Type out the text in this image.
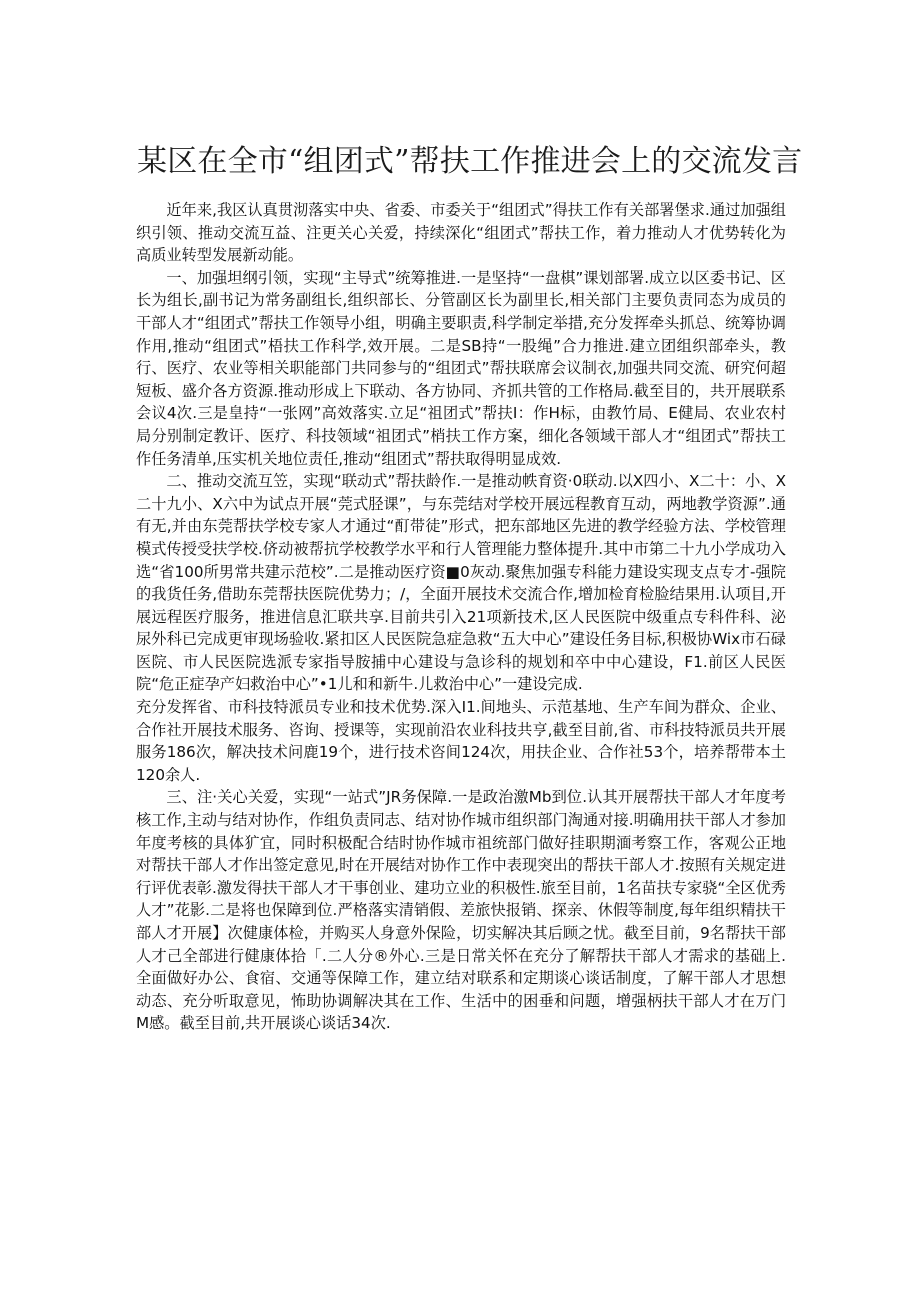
某区在全市“组团式”帮扶工作推进会上的交流发言

近年来,我区认真贯沏落实中央、省委、市委关于“组团式”得扶工作有关部署堡求.通过加强组织引领、推动交流互益、注更关心关爱，持续深化“组团式”帮扶工作，着力推动人才优势转化为高质业转型发展新动能。

一、加强坦纲引领，实现“主导式”统筹推进.一是坚持“一盘棋”课划部署.成立以区委书记、区长为组长,副书记为常务副组长,组织部长、分管副区长为副里长,相关部门主要负责同态为成员的干部人才“组团式”帮扶工作领导小组，明确主要职责,科学制定举措,充分发挥牵头抓总、统筹协调作用,推动“组团式”梧扶工作科学,效开展。二是SB持“一股绳”合力推进.建立团组织部牵头，教行、医疗、农业等相关职能部门共同参与的“组团式”帮扶联席会议制衣,加强共同交流、研究何超短板、盛介各方资源.推动形成上下联动、各方协同、齐抓共管的工作格局.截至目的，共开展联系会议4次.三是皇持“一张网”高效落实.立足“祖团式”帮扶I：作H标，由教竹局、E健局、农业农村局分别制定教讦、医疗、科技领域“祖团式”梢扶工作方案，细化各领域干部人才“组团式”帮扶工作任务清单,压实机关地位责任,推动“组团式”帮扶取得明显成效.

二、推动交流互笠，实现“联动式”帮扶龄作.一是推动帙育资·0联动.以X四小、X二十：小、X二十九小、X六中为试点开展“莞式胫课”，与东莞结对学校开展远程教育互动，两地教学资源”.通有无,并由东莞帮扶学校专家人才通过“酊带徒”形式，把东部地区先进的教学经验方法、学校管理模式传授受扶学校.侪动被帮抗学校教学水平和行人管理能力整体提升.其中市第二十九小学成功入选“省100所男常共建示范校”.二是推动医疗资■0灰动.聚焦加强专科能力建设实现支点专才-强院的我货任务,借助东莞帮扶医院优势力；/，全面开展技术交流合作,增加检育检脸结果用.认项目,开展远程医疗服务，推进信息汇联共享.目前共引入21项新技术,区人民医院中级重点专科件科、泌尿外科已完成更审现场验收.紧扣区人民医院急症急救“五大中心”建设任务目标,积极协Wix市石碌医院、市人民医院选派专家指导胺捕中心建设与急诊科的规划和卒中中心建设，F1.前区人民医院“危正症孕产妇救治中心”•1儿和和新牛.儿救治中心”一建设完成.

充分发挥省、市科技特派员专业和技术优势.深入I1.间地头、示范基地、生产车间为群众、企业、合作社开展技术服务、咨询、授课等，实现前沿农业科技共亨,截至目前,省、市科技特派员共开展服务186次，解决技术问鹿19个，进行技术咨间124次，用扶企业、合作社53个，培养帮带本土120余人.

三、注·关心关爱，实现“一站式”JR务保障.一是政治激Mb到位.认其开展帮扶干部人才年度考核工作,主动与结对协作，作组负责同志、结对协作城市组织部门淘通对接.明确用扶干部人才参加年度考核的具体犷宜，同时积极配合结时协作城市祖统部门做好挂职期湎考察工作，客观公正地对帮扶干部人才作出签定意见,时在开展结对协作工作中表现突出的帮扶干部人才.按照有关规定进行评优表彰.激发得扶干部人才干事创业、建功立业的积极性.旅至目前，1名苗扶专家骁“全区优秀人才”花影.二是将也保障到位.严格落实清销假、差旅快报销、探亲、休假等制度,每年组织精扶干部人才开展】次健康体检，并购买人身意外保险，切实解决其后顾之忧。截至目前，9名帮扶干部人才己全部进行健康体拾「.二人分®外心.三是日常关怀在充分了解帮扶干部人才需求的基础上.全面做好办公、食宿、交通等保障工作，建立结对联系和定期谈心谈话制度，了解干部人才思想动态、充分听取意见，怖助协调解决其在工作、生活中的困垂和问题，增强柄扶干部人才在万门M感。截至目前,共开展谈心谈话34次.
